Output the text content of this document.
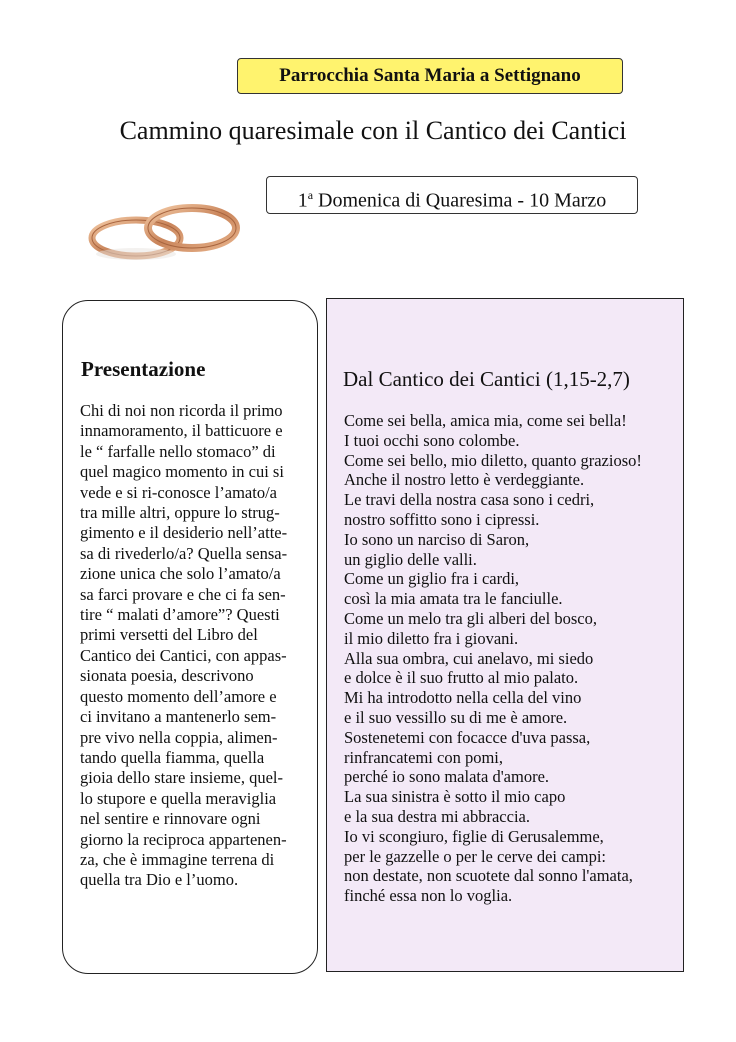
Parrocchia Santa Maria a Settignano
Cammino quaresimale con il Cantico dei Cantici
1$^a$ Domenica di Quaresima - 10 Marzo
Presentazione
Chi di noi non ricorda il primo
innamoramento, il batticuore e
le “ farfalle nello stomaco” di
quel magico momento in cui si
vede e si ri-conosce l’amato/a
tra mille altri, oppure lo strug-
gimento e il desiderio nell’atte-
sa di rivederlo/a? Quella sensa-
zione unica che solo l’amato/a
sa farci provare e che ci fa sen-
tire “ malati d’amore”? Questi
primi versetti del Libro del
Cantico dei Cantici, con appas-
sionata poesia, descrivono
questo momento dell’amore e
ci invitano a mantenerlo sem-
pre vivo nella coppia, alimen-
tando quella fiamma, quella
gioia dello stare insieme, quel-
lo stupore e quella meraviglia
nel sentire e rinnovare ogni
giorno la reciproca appartenen-
za, che è immagine terrena di
quella tra Dio e l’uomo.
Dal Cantico dei Cantici (1,15-2,7)
Come sei bella, amica mia, come sei bella!
I tuoi occhi sono colombe.
Come sei bello, mio diletto, quanto grazioso!
Anche il nostro letto è verdeggiante.
Le travi della nostra casa sono i cedri,
nostro soffitto sono i cipressi.
Io sono un narciso di Saron,
un giglio delle valli.
Come un giglio fra i cardi,
così la mia amata tra le fanciulle.
Come un melo tra gli alberi del bosco,
il mio diletto fra i giovani.
Alla sua ombra, cui anelavo, mi siedo
e dolce è il suo frutto al mio palato.
Mi ha introdotto nella cella del vino
e il suo vessillo su di me è amore.
Sostenetemi con focacce d'uva passa,
rinfrancatemi con pomi,
perché io sono malata d'amore.
La sua sinistra è sotto il mio capo
e la sua destra mi abbraccia.
Io vi scongiuro, figlie di Gerusalemme,
per le gazzelle o per le cerve dei campi:
non destate, non scuotete dal sonno l'amata,
finché essa non lo voglia.
